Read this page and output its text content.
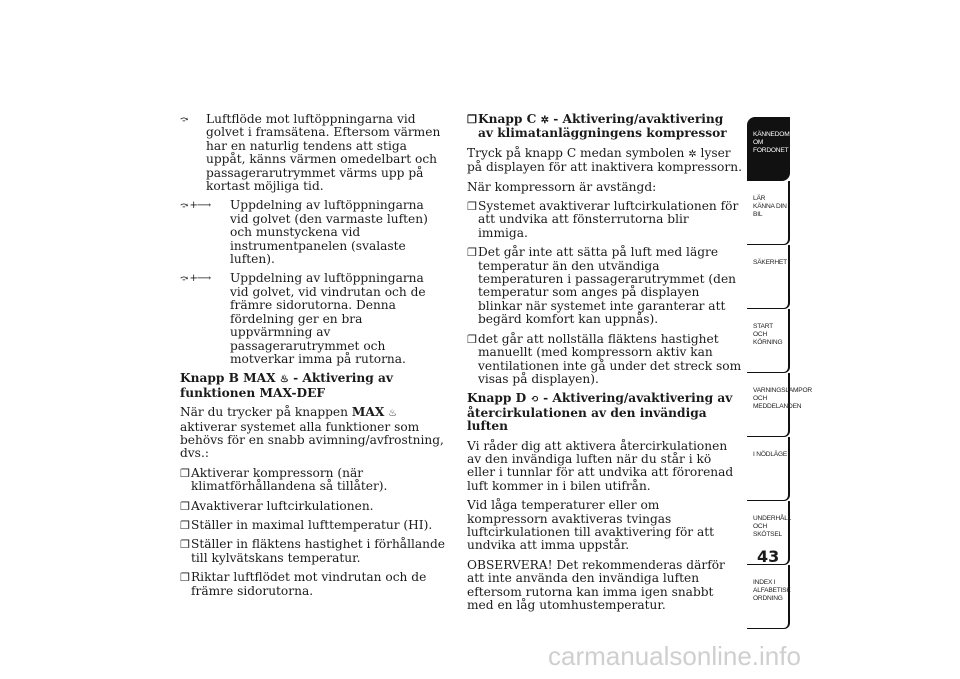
⤼	Luftflöde mot luftöppningarna vid golvet i framsätena. Eftersom värmen har en naturlig tendens att stiga uppåt, känns värmen omedelbart och passagerarutrymmet värms upp på kortast möjliga tid.
⤼ +⟶	Uppdelning av luftöppningarna vid golvet (den varmaste luften) och munstyckena vid instrumentpanelen (svalaste luften).
⤼ +⟶	Uppdelning av luftöppningarna vid golvet, vid vindrutan och de främre sidorutorna. Denna fördelning ger en bra uppvärmning av passagerarutrymmet och motverkar imma på rutorna.

Knapp B MAX ♨ - Aktivering av funktionen MAX-DEF

När du trycker på knappen MAX ♨ aktiverar systemet alla funktioner som behövs för en snabb avimning/avfrostning, dvs.:

❐ Aktiverar kompressorn (när klimatförhållandena så tillåter).
❐ Avaktiverar luftcirkulationen.
❐ Ställer in maximal lufttemperatur (HI).
❐ Ställer in fläktens hastighet i förhållande till kylvätskans temperatur.
❐ Riktar luftflödet mot vindrutan och de främre sidorutorna.
❐ Knapp C ✲ - Aktivering/avaktivering av klimatanläggningens kompressor

Tryck på knapp C medan symbolen ✲ lyser på displayen för att inaktivera kompressorn.

När kompressorn är avstängd:

❐ Systemet avaktiverar luftcirkulationen för att undvika att fönsterrutorna blir immiga.
❐ Det går inte att sätta på luft med lägre temperatur än den utvändiga temperaturen i passagerarutrymmet (den temperatur som anges på displayen blinkar när systemet inte garanterar att begärd komfort kan uppnås).
❐ det går att nollställa fläktens hastighet manuellt (med kompressorn aktiv kan ventilationen inte gå under det streck som visas på displayen).

Knapp D ⟲ - Aktivering/avaktivering av återcirkulationen av den invändiga luften

Vi råder dig att aktivera återcirkulationen av den invändiga luften när du står i kö eller i tunnlar för att undvika att förorenad luft kommer in i bilen utifrån.

Vid låga temperaturer eller om kompressorn avaktiveras tvingas luftcirkulationen till avaktivering för att undvika att imma uppstår.

OBSERVERA! Det rekommenderas därför att inte använda den invändiga luften eftersom rutorna kan imma igen snabbt med en låg utomhustemperatur.

KÄNNEDOM OM FORDONET
LÄR KÄNNA DIN BIL
SÄKERHET
START OCH KÖRNING
VARNINGSLAMPOR OCH MEDDELANDEN
I NÖDLÄGE
UNDERHÅLL OCH SKÖTSEL
INDEX I ALFABETISK ORDNING
43
carmanualsonline.info
